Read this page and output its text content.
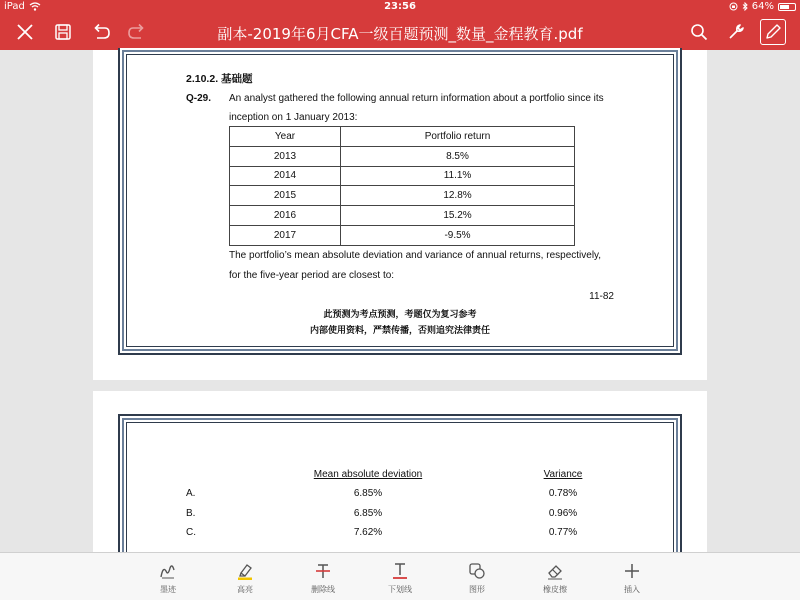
iPad	23:56	64%
副本-2019年6月CFA一级百题预测_数量_金程教育.pdf
2.10.2. 基础题
Q-29. An analyst gathered the following annual return information about a portfolio since its
inception on 1 January 2013:
Year	Portfolio return
2013	8.5%
2014	11.1%
2015	12.8%
2016	15.2%
2017	-9.5%
The portfolio’s mean absolute deviation and variance of annual returns, respectively,
for the five-year period are closest to:
11-82
此预测为考点预测，考题仅为复习参考
内部使用资料，严禁传播，否则追究法律责任
Mean absolute deviation	Variance
A.	6.85%	0.78%
B.	6.85%	0.96%
C.	7.62%	0.77%
墨迹	高亮	删除线	下划线	图形	橡皮擦	插入
